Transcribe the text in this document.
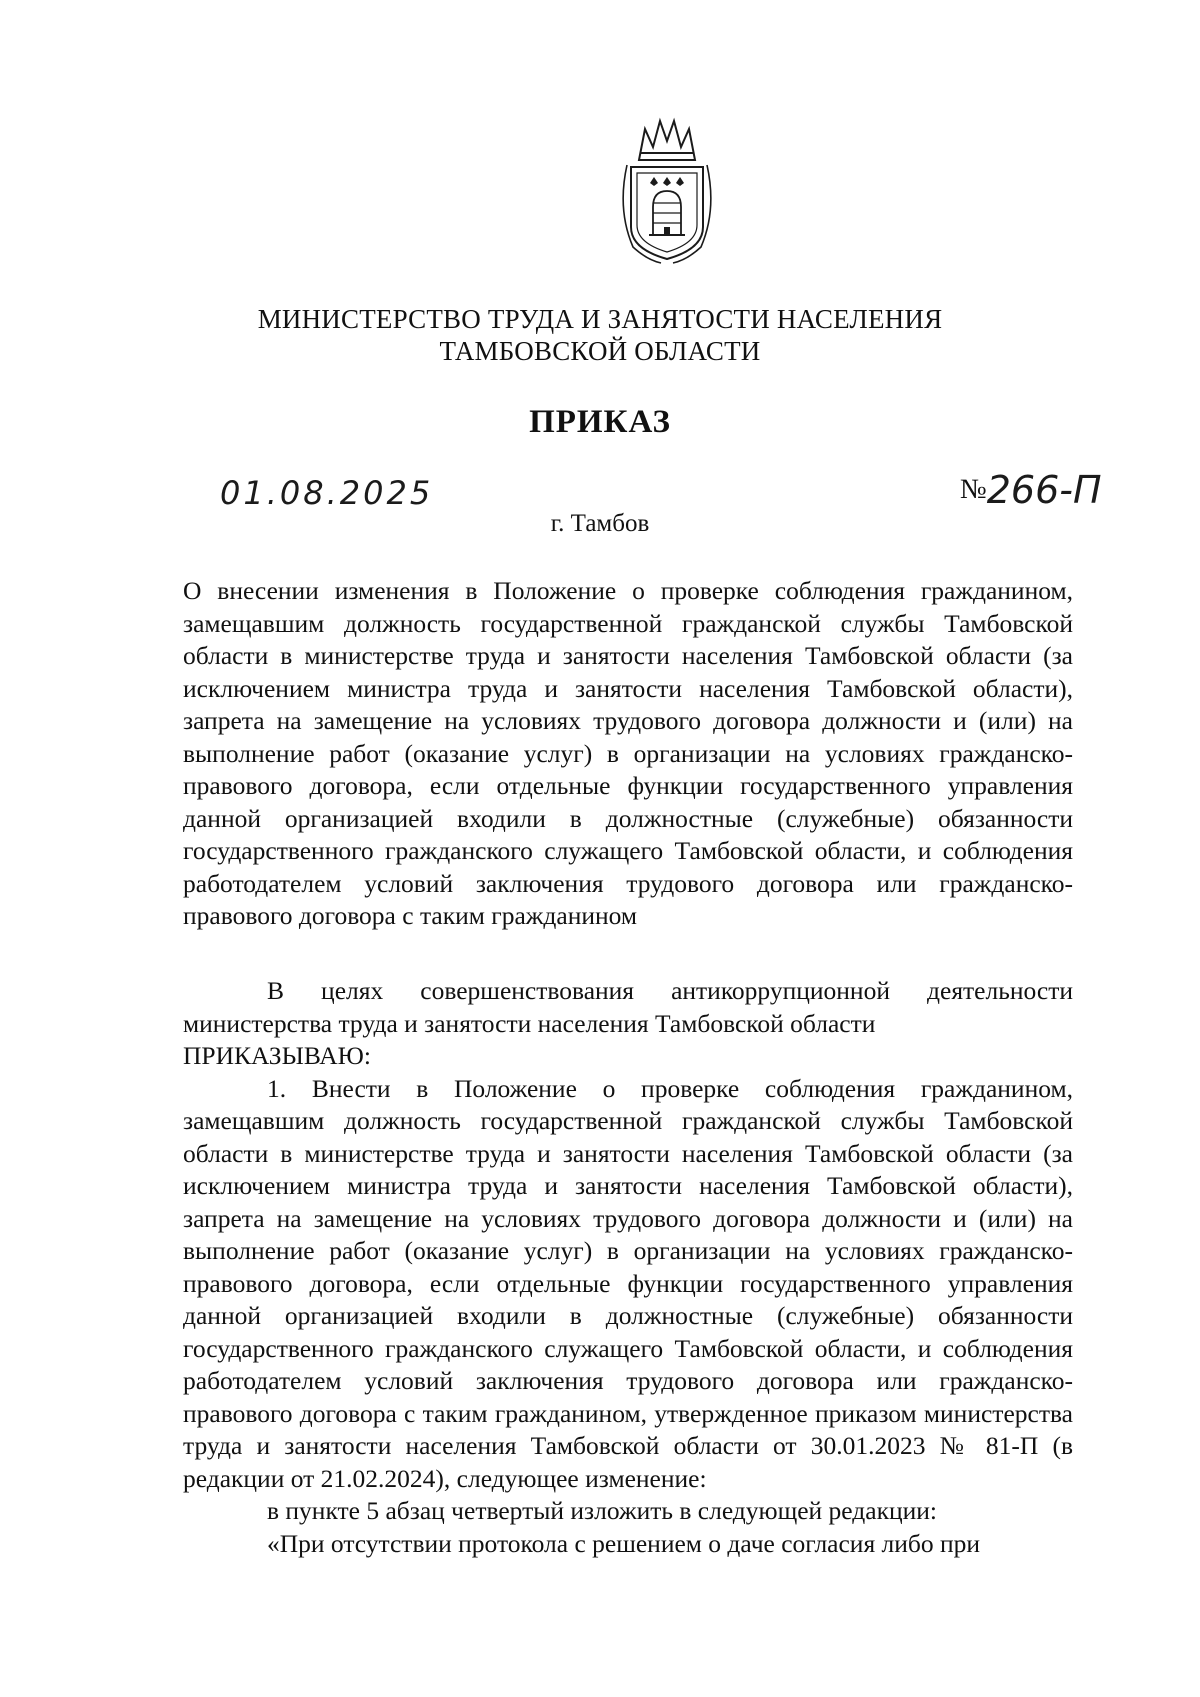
МИНИСТЕРСТВО ТРУДА И ЗАНЯТОСТИ НАСЕЛЕНИЯ
ТАМБОВСКОЙ ОБЛАСТИ
ПРИКАЗ
01.08.2025	№266-П
г. Тамбов

О внесении изменения в Положение о проверке соблюдения гражданином, замещавшим должность государственной гражданской службы Тамбовской области в министерстве труда и занятости населения Тамбовской области (за исключением министра труда и занятости населения Тамбовской области), запрета на замещение на условиях трудового договора должности и (или) на выполнение работ (оказание услуг) в организации на условиях гражданско-правового договора, если отдельные функции государственного управления данной организацией входили в должностные (служебные) обязанности государственного гражданского служащего Тамбовской области, и соблюдения работодателем условий заключения трудового договора или гражданско-правового договора с таким гражданином

В целях совершенствования антикоррупционной деятельности министерства труда и занятости населения Тамбовской области

ПРИКАЗЫВАЮ:

1. Внести в Положение о проверке соблюдения гражданином, замещавшим должность государственной гражданской службы Тамбовской области в министерстве труда и занятости населения Тамбовской области (за исключением министра труда и занятости населения Тамбовской области), запрета на замещение на условиях трудового договора должности и (или) на выполнение работ (оказание услуг) в организации на условиях гражданско-правового договора, если отдельные функции государственного управления данной организацией входили в должностные (служебные) обязанности государственного гражданского служащего Тамбовской области, и соблюдения работодателем условий заключения трудового договора или гражданско-правового договора с таким гражданином, утвержденное приказом министерства труда и занятости населения Тамбовской области от 30.01.2023 № 81-П (в редакции от 21.02.2024), следующее изменение:

в пункте 5 абзац четвертый изложить в следующей редакции:

«При отсутствии протокола с решением о даче согласия либо при
